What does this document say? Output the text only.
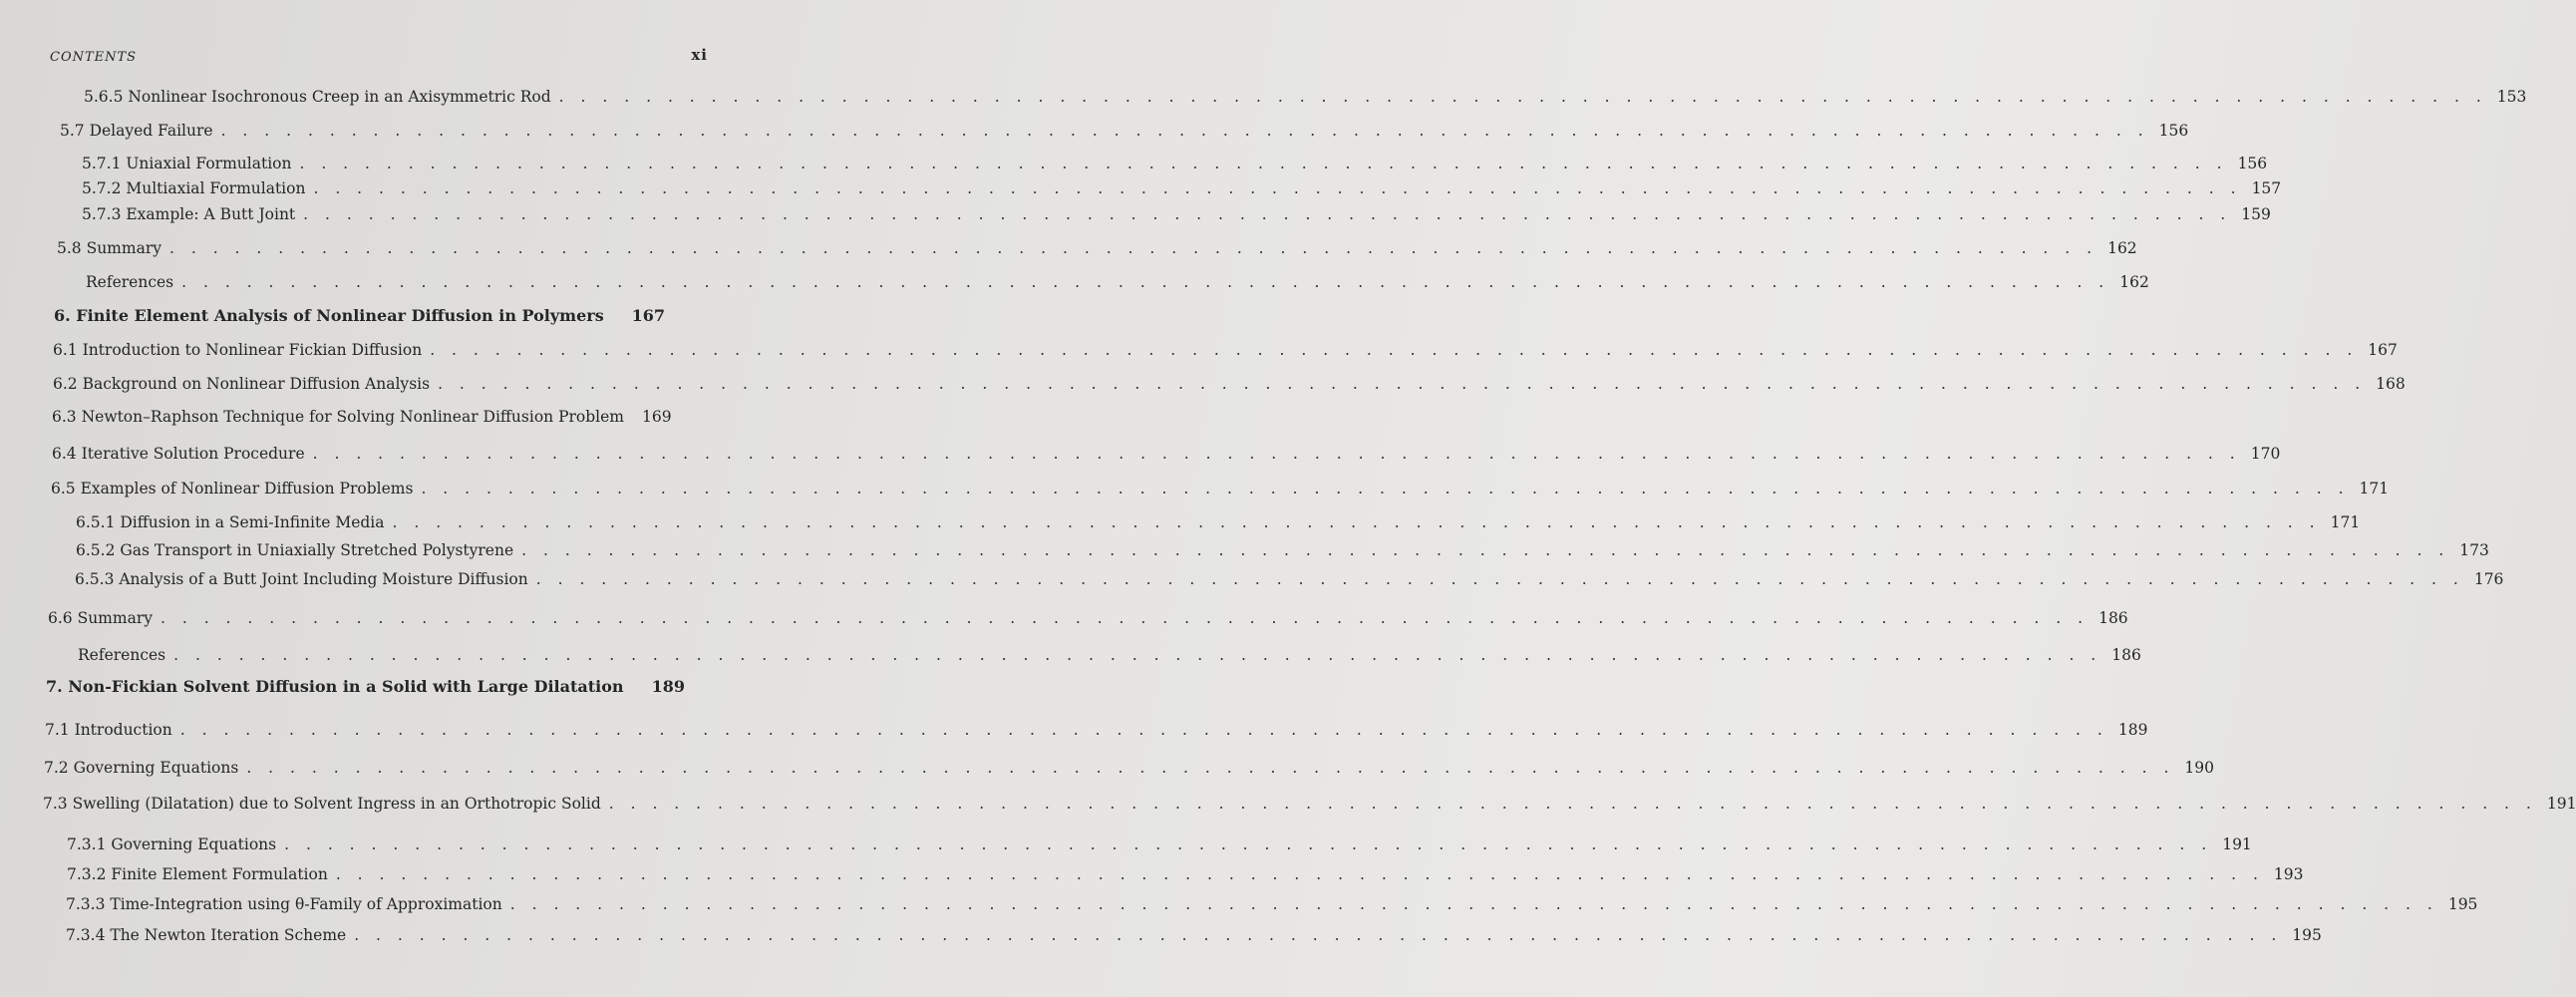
CONTENTS	xi
5.6.5 Nonlinear Isochronous Creep in an Axisymmetric Rod . . .	153
5.7 Delayed Failure . . .	156
5.7.1 Uniaxial Formulation . . .	156
5.7.2 Multiaxial Formulation . . .	157
5.7.3 Example: A Butt Joint . . .	159
5.8 Summary . . .	162
References . . .	162
6. Finite Element Analysis of Nonlinear Diffusion in Polymers 167
6.1 Introduction to Nonlinear Fickian Diffusion . . .	167
6.2 Background on Nonlinear Diffusion Analysis . . .	168
6.3 Newton–Raphson Technique for Solving Nonlinear Diffusion Problem 169
6.4 Iterative Solution Procedure . . .	170
6.5 Examples of Nonlinear Diffusion Problems . . .	171
6.5.1 Diffusion in a Semi-Infinite Media . . .	171
6.5.2 Gas Transport in Uniaxially Stretched Polystyrene . . .	173
6.5.3 Analysis of a Butt Joint Including Moisture Diffusion . . .	176
6.6 Summary . . .	186
References . . .	186
7. Non-Fickian Solvent Diffusion in a Solid with Large Dilatation 189
7.1 Introduction . . .	189
7.2 Governing Equations . . .	190
7.3 Swelling (Dilatation) due to Solvent Ingress in an Orthotropic Solid . . .	191
7.3.1 Governing Equations . . .	191
7.3.2 Finite Element Formulation . . .	193
7.3.3 Time-Integration using θ-Family of Approximation . . .	195
7.3.4 The Newton Iteration Scheme . . .	195
